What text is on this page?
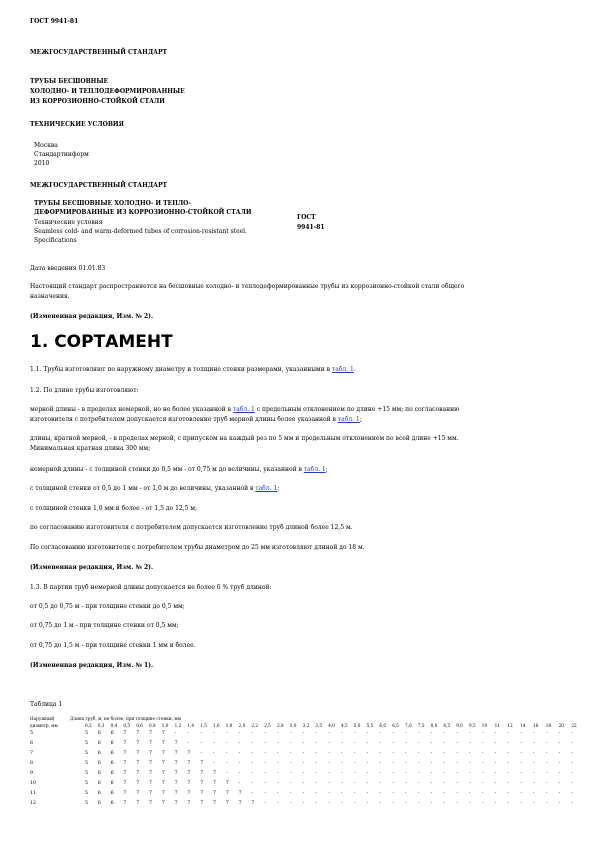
ГОСТ 9941-81
МЕЖГОСУДАРСТВЕННЫЙ СТАНДАРТ
ТРУБЫ БЕСШОВНЫЕ
ХОЛОДНО- И ТЕПЛОДЕФОРМИРОВАННЫЕ
ИЗ КОРРОЗИОННО-СТОЙКОЙ СТАЛИ
ТЕХНИЧЕСКИЕ УСЛОВИЯ
Москва
Стандартинформ
2010
МЕЖГОСУДАРСТВЕННЫЙ СТАНДАРТ
ТРУБЫ БЕСШОВНЫЕ ХОЛОДНО- И ТЕПЛО-
ДЕФОРМИРОВАННЫЕ ИЗ КОРРОЗИОННО-СТОЙКОЙ СТАЛИ
Технические условия
Seamless cold- and warm-deformed tubes of corrosion-resistant steel.
Specifications
ГОСТ
9941-81
Дата введения 01.01.83
Настоящий стандарт распространяется на бесшовные холодно- и теплодеформированные трубы из коррозионно-стойкой стали общего
назначения.
(Измененная редакция, Изм. № 2).
1. СОРТАМЕНТ
1.1. Трубы изготовляют по наружному диаметру и толщине стенки размерами, указанными в табл. 1.
1.2. По длине трубы изготовляют:
мерной длины - в пределах немерной, но не более указанной в табл. 1 с предельным отклонением по длине +15 мм; по согласованию
изготовителя с потребителем допускается изготовление труб мерной длины более указанной в табл. 1;
длины, кратной мерной, - в пределах мерной, с припуском на каждый рез по 5 мм и предельным отклонением по всей длине +15 мм.
Минимальная кратная длина 300 мм;
немерной длины - с толщиной стенки до 0,5 мм - от 0,75 м до величины, указанной в табл. 1;
с толщиной стенки от 0,5 до 1 мм - от 1,0 м до величины, указанной в табл. 1;
с толщиной стенки 1,0 мм и более - от 1,5 до 12,5 м;
по согласованию изготовителя с потребителем допускается изготовление труб длиной более 12,5 м.
По согласованию изготовителя с потребителем трубы диаметром до 25 мм изготовляют длиной до 18 м.
(Измененная редакция, Изм. № 2).
1.3. В партии труб немерной длины допускается не более 6 % труб длиной:
от 0,5 до 0,75 м - при толщине стенки до 0,5 мм;
от 0,75 до 1 м - при толщине стенки от 0,5 мм;
от 0,75 до 1,5 м - при толщине стенки 1 мм и более.
(Измененная редакция, Изм. № 1).
Таблица 1
Наружный
диаметр, мм
Длина труб, м, не более, при толщине стенки, мм
0,2 0,3 0,4 0,5 0,6 0,8 1,0 1,2 1,4 1,5 1,6 1,8 2,0 2,2 2,5 2,8 3,0 3,2 3,5 4,0 4,5 5,0 5,5 6,0 6,5 7,0 7,5 8,0 8,5 9,0 9,5 10 11 12 14 16 18 20 22
5	5 6 6 7 7 7 7 - - - - - - - - - - - - - - - - - - - - - - - - - - - - - - - -
6	5 6 6 7 7 7 7 7 - - - - - - - - - - - - - - - - - - - - - - - - - - - - - - -
7	5 6 6 7 7 7 7 7 7 - - - - - - - - - - - - - - - - - - - - - - - - - - - - - -
8	5 6 6 7 7 7 7 7 7 7 - - - - - - - - - - - - - - - - - - - - - - - - - - - - -
9	5 6 6 7 7 7 7 7 7 7 7 - - - - - - - - - - - - - - - - - - - - - - - - - - - -
10	5 6 6 7 7 7 7 7 7 7 7 7 - - - - - - - - - - - - - - - - - - - - - - - - - - -
11	5 6 6 7 7 7 7 7 7 7 7 7 7 - - - - - - - - - - - - - - - - - - - - - - - - - -
12	5 6 6 7 7 7 7 7 7 7 7 7 7 7 - - - - - - - - - - - - - - - - - - - - - - - - -
